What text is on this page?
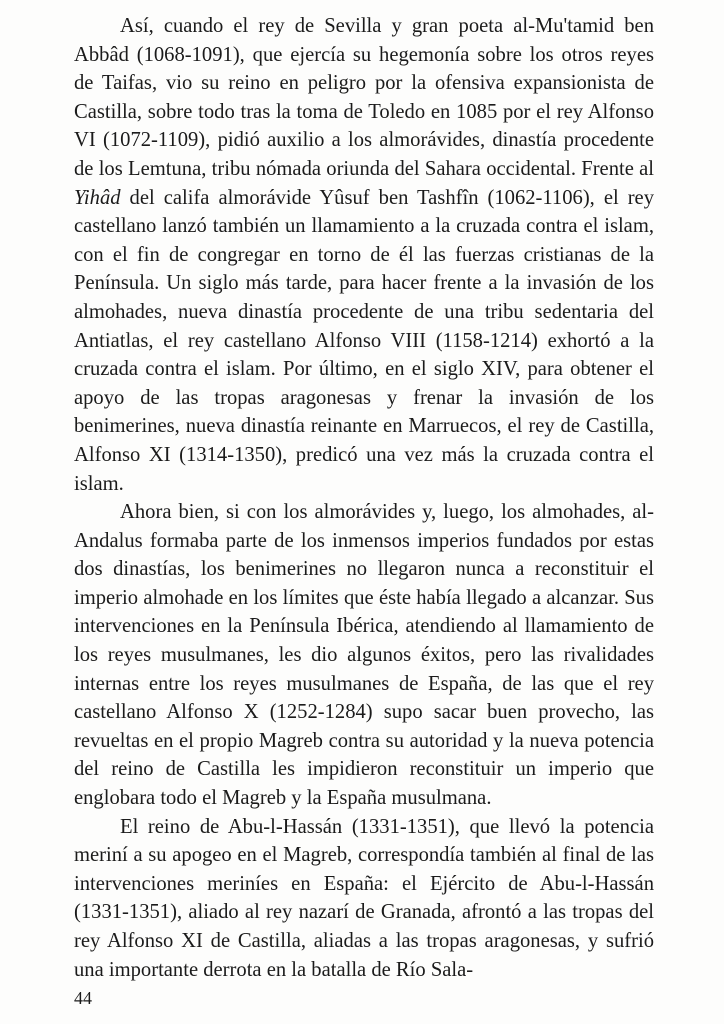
Así, cuando el rey de Sevilla y gran poeta al-Mu'tamid ben Abbâd (1068-1091), que ejercía su hegemonía sobre los otros reyes de Taifas, vio su reino en peligro por la ofensiva expansionista de Castilla, sobre todo tras la toma de Toledo en 1085 por el rey Alfonso VI (1072-1109), pidió auxilio a los almorávides, dinastía procedente de los Lemtuna, tribu nómada oriunda del Sahara occidental. Frente al Yihâd del califa almorávide Yûsuf ben Tashfîn (1062-1106), el rey castellano lanzó también un llamamiento a la cruzada contra el islam, con el fin de congregar en torno de él las fuerzas cristianas de la Península. Un siglo más tarde, para hacer frente a la invasión de los almohades, nueva dinastía procedente de una tribu sedentaria del Antiatlas, el rey castellano Alfonso VIII (1158-1214) exhortó a la cruzada contra el islam. Por último, en el siglo XIV, para obtener el apoyo de las tropas aragonesas y frenar la invasión de los benimerines, nueva dinastía reinante en Marruecos, el rey de Castilla, Alfonso XI (1314-1350), predicó una vez más la cruzada contra el islam.

Ahora bien, si con los almorávides y, luego, los almohades, al-Andalus formaba parte de los inmensos imperios fundados por estas dos dinastías, los benimerines no llegaron nunca a reconstituir el imperio almohade en los límites que éste había llegado a alcanzar. Sus intervenciones en la Península Ibérica, atendiendo al llamamiento de los reyes musulmanes, les dio algunos éxitos, pero las rivalidades internas entre los reyes musulmanes de España, de las que el rey castellano Alfonso X (1252-1284) supo sacar buen provecho, las revueltas en el propio Magreb contra su autoridad y la nueva potencia del reino de Castilla les impidieron reconstituir un imperio que englobara todo el Magreb y la España musulmana.

El reino de Abu-l-Hassán (1331-1351), que llevó la potencia meriní a su apogeo en el Magreb, correspondía también al final de las intervenciones meriníes en España: el Ejército de Abu-l-Hassán (1331-1351), aliado al rey nazarí de Granada, afrontó a las tropas del rey Alfonso XI de Castilla, aliadas a las tropas aragonesas, y sufrió una importante derrota en la batalla de Río Sala-

44
